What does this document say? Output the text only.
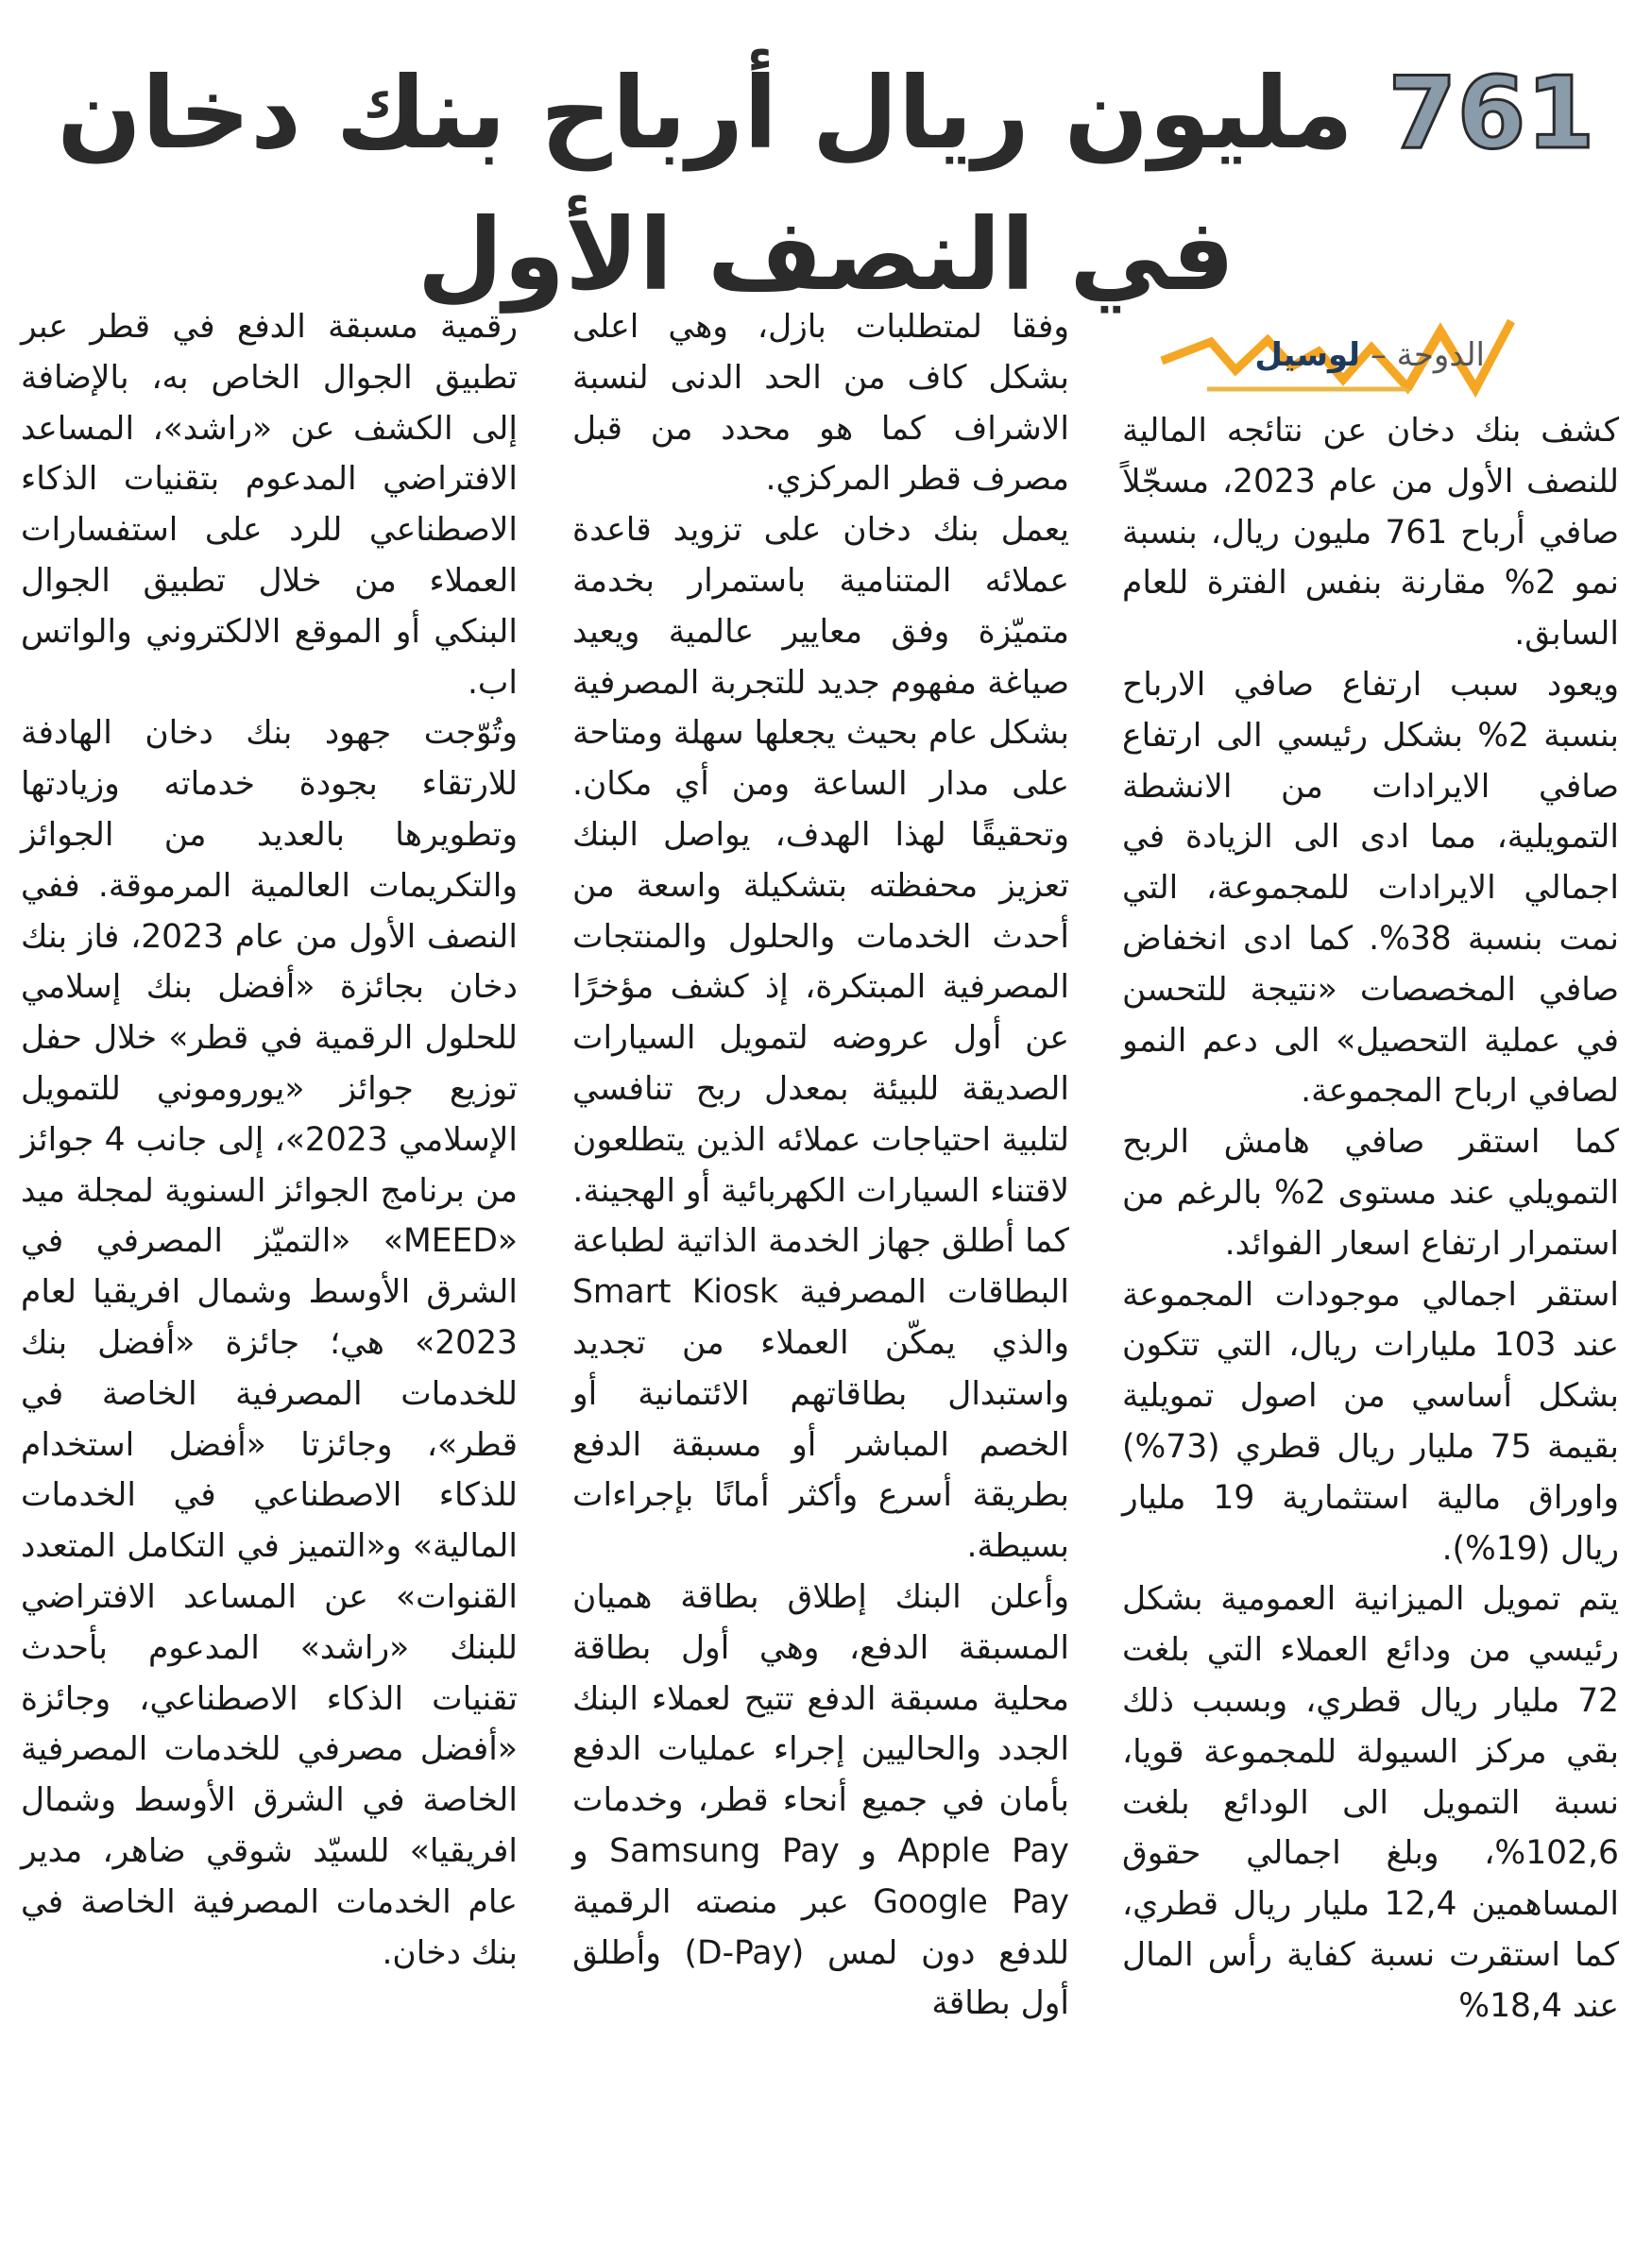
761 مليون ريال أرباح بنك دخان
في النصف الأول
الدوحة – لوسيل

كشف بنك دخان عن نتائجه المالية للنصف الأول من عام 2023، مسجّلاً صافي أرباح 761 مليون ريال، بنسبة نمو 2% مقارنة بنفس الفترة للعام السابق.

ويعود سبب ارتفاع صافي الارباح بنسبة 2% بشكل رئيسي الى ارتفاع صافي الايرادات من الانشطة التمويلية، مما ادى الى الزيادة في اجمالي الايرادات للمجموعة، التي نمت بنسبة 38%. كما ادى انخفاض صافي المخصصات «نتيجة للتحسن في عملية التحصيل» الى دعم النمو لصافي ارباح المجموعة.

كما استقر صافي هامش الربح التمويلي عند مستوى 2% بالرغم من استمرار ارتفاع اسعار الفوائد.

استقر اجمالي موجودات المجموعة عند 103 مليارات ريال، التي تتكون بشكل أساسي من اصول تمويلية بقيمة 75 مليار ريال قطري (73%) واوراق مالية استثمارية 19 مليار ريال (19%).

يتم تمويل الميزانية العمومية بشكل رئيسي من ودائع العملاء التي بلغت 72 مليار ريال قطري، وبسبب ذلك بقي مركز السيولة للمجموعة قويا، نسبة التمويل الى الودائع بلغت 102,6%، وبلغ اجمالي حقوق المساهمين 12,4 مليار ريال قطري، كما استقرت نسبة كفاية رأس المال عند 18,4%

وفقا لمتطلبات بازل، وهي اعلى بشكل كاف من الحد الدنى لنسبة الاشراف كما هو محدد من قبل مصرف قطر المركزي.

يعمل بنك دخان على تزويد قاعدة عملائه المتنامية باستمرار بخدمة متميّزة وفق معايير عالمية ويعيد صياغة مفهوم جديد للتجربة المصرفية بشكل عام بحيث يجعلها سهلة ومتاحة على مدار الساعة ومن أي مكان. وتحقيقًا لهذا الهدف، يواصل البنك تعزيز محفظته بتشكيلة واسعة من أحدث الخدمات والحلول والمنتجات المصرفية المبتكرة، إذ كشف مؤخرًا عن أول عروضه لتمويل السيارات الصديقة للبيئة بمعدل ربح تنافسي لتلبية احتياجات عملائه الذين يتطلعون لاقتناء السيارات الكهربائية أو الهجينة.

كما أطلق جهاز الخدمة الذاتية لطباعة البطاقات المصرفية Smart Kiosk والذي يمكّن العملاء من تجديد واستبدال بطاقاتهم الائتمانية أو الخصم المباشر أو مسبقة الدفع بطريقة أسرع وأكثر أمانًا بإجراءات بسيطة.

وأعلن البنك إطلاق بطاقة هميان المسبقة الدفع، وهي أول بطاقة محلية مسبقة الدفع تتيح لعملاء البنك الجدد والحاليين إجراء عمليات الدفع بأمان في جميع أنحاء قطر، وخدمات Apple Pay و Samsung Pay و Google Pay عبر منصته الرقمية للدفع دون لمس (D-Pay) وأطلق أول بطاقة

رقمية مسبقة الدفع في قطر عبر تطبيق الجوال الخاص به، بالإضافة إلى الكشف عن «راشد»، المساعد الافتراضي المدعوم بتقنيات الذكاء الاصطناعي للرد على استفسارات العملاء من خلال تطبيق الجوال البنكي أو الموقع الالكتروني والواتس اب.

وتُوّجت جهود بنك دخان الهادفة للارتقاء بجودة خدماته وزيادتها وتطويرها بالعديد من الجوائز والتكريمات العالمية المرموقة. ففي النصف الأول من عام 2023، فاز بنك دخان بجائزة «أفضل بنك إسلامي للحلول الرقمية في قطر» خلال حفل توزيع جوائز «يوروموني للتمويل الإسلامي 2023»، إلى جانب 4 جوائز من برنامج الجوائز السنوية لمجلة ميد «MEED» «التميّز المصرفي في الشرق الأوسط وشمال افريقيا لعام 2023» هي؛ جائزة «أفضل بنك للخدمات المصرفية الخاصة في قطر»، وجائزتا «أفضل استخدام للذكاء الاصطناعي في الخدمات المالية» و«التميز في التكامل المتعدد القنوات» عن المساعد الافتراضي للبنك «راشد» المدعوم بأحدث تقنيات الذكاء الاصطناعي، وجائزة «أفضل مصرفي للخدمات المصرفية الخاصة في الشرق الأوسط وشمال افريقيا» للسيّد شوقي ضاهر، مدير عام الخدمات المصرفية الخاصة في بنك دخان.
